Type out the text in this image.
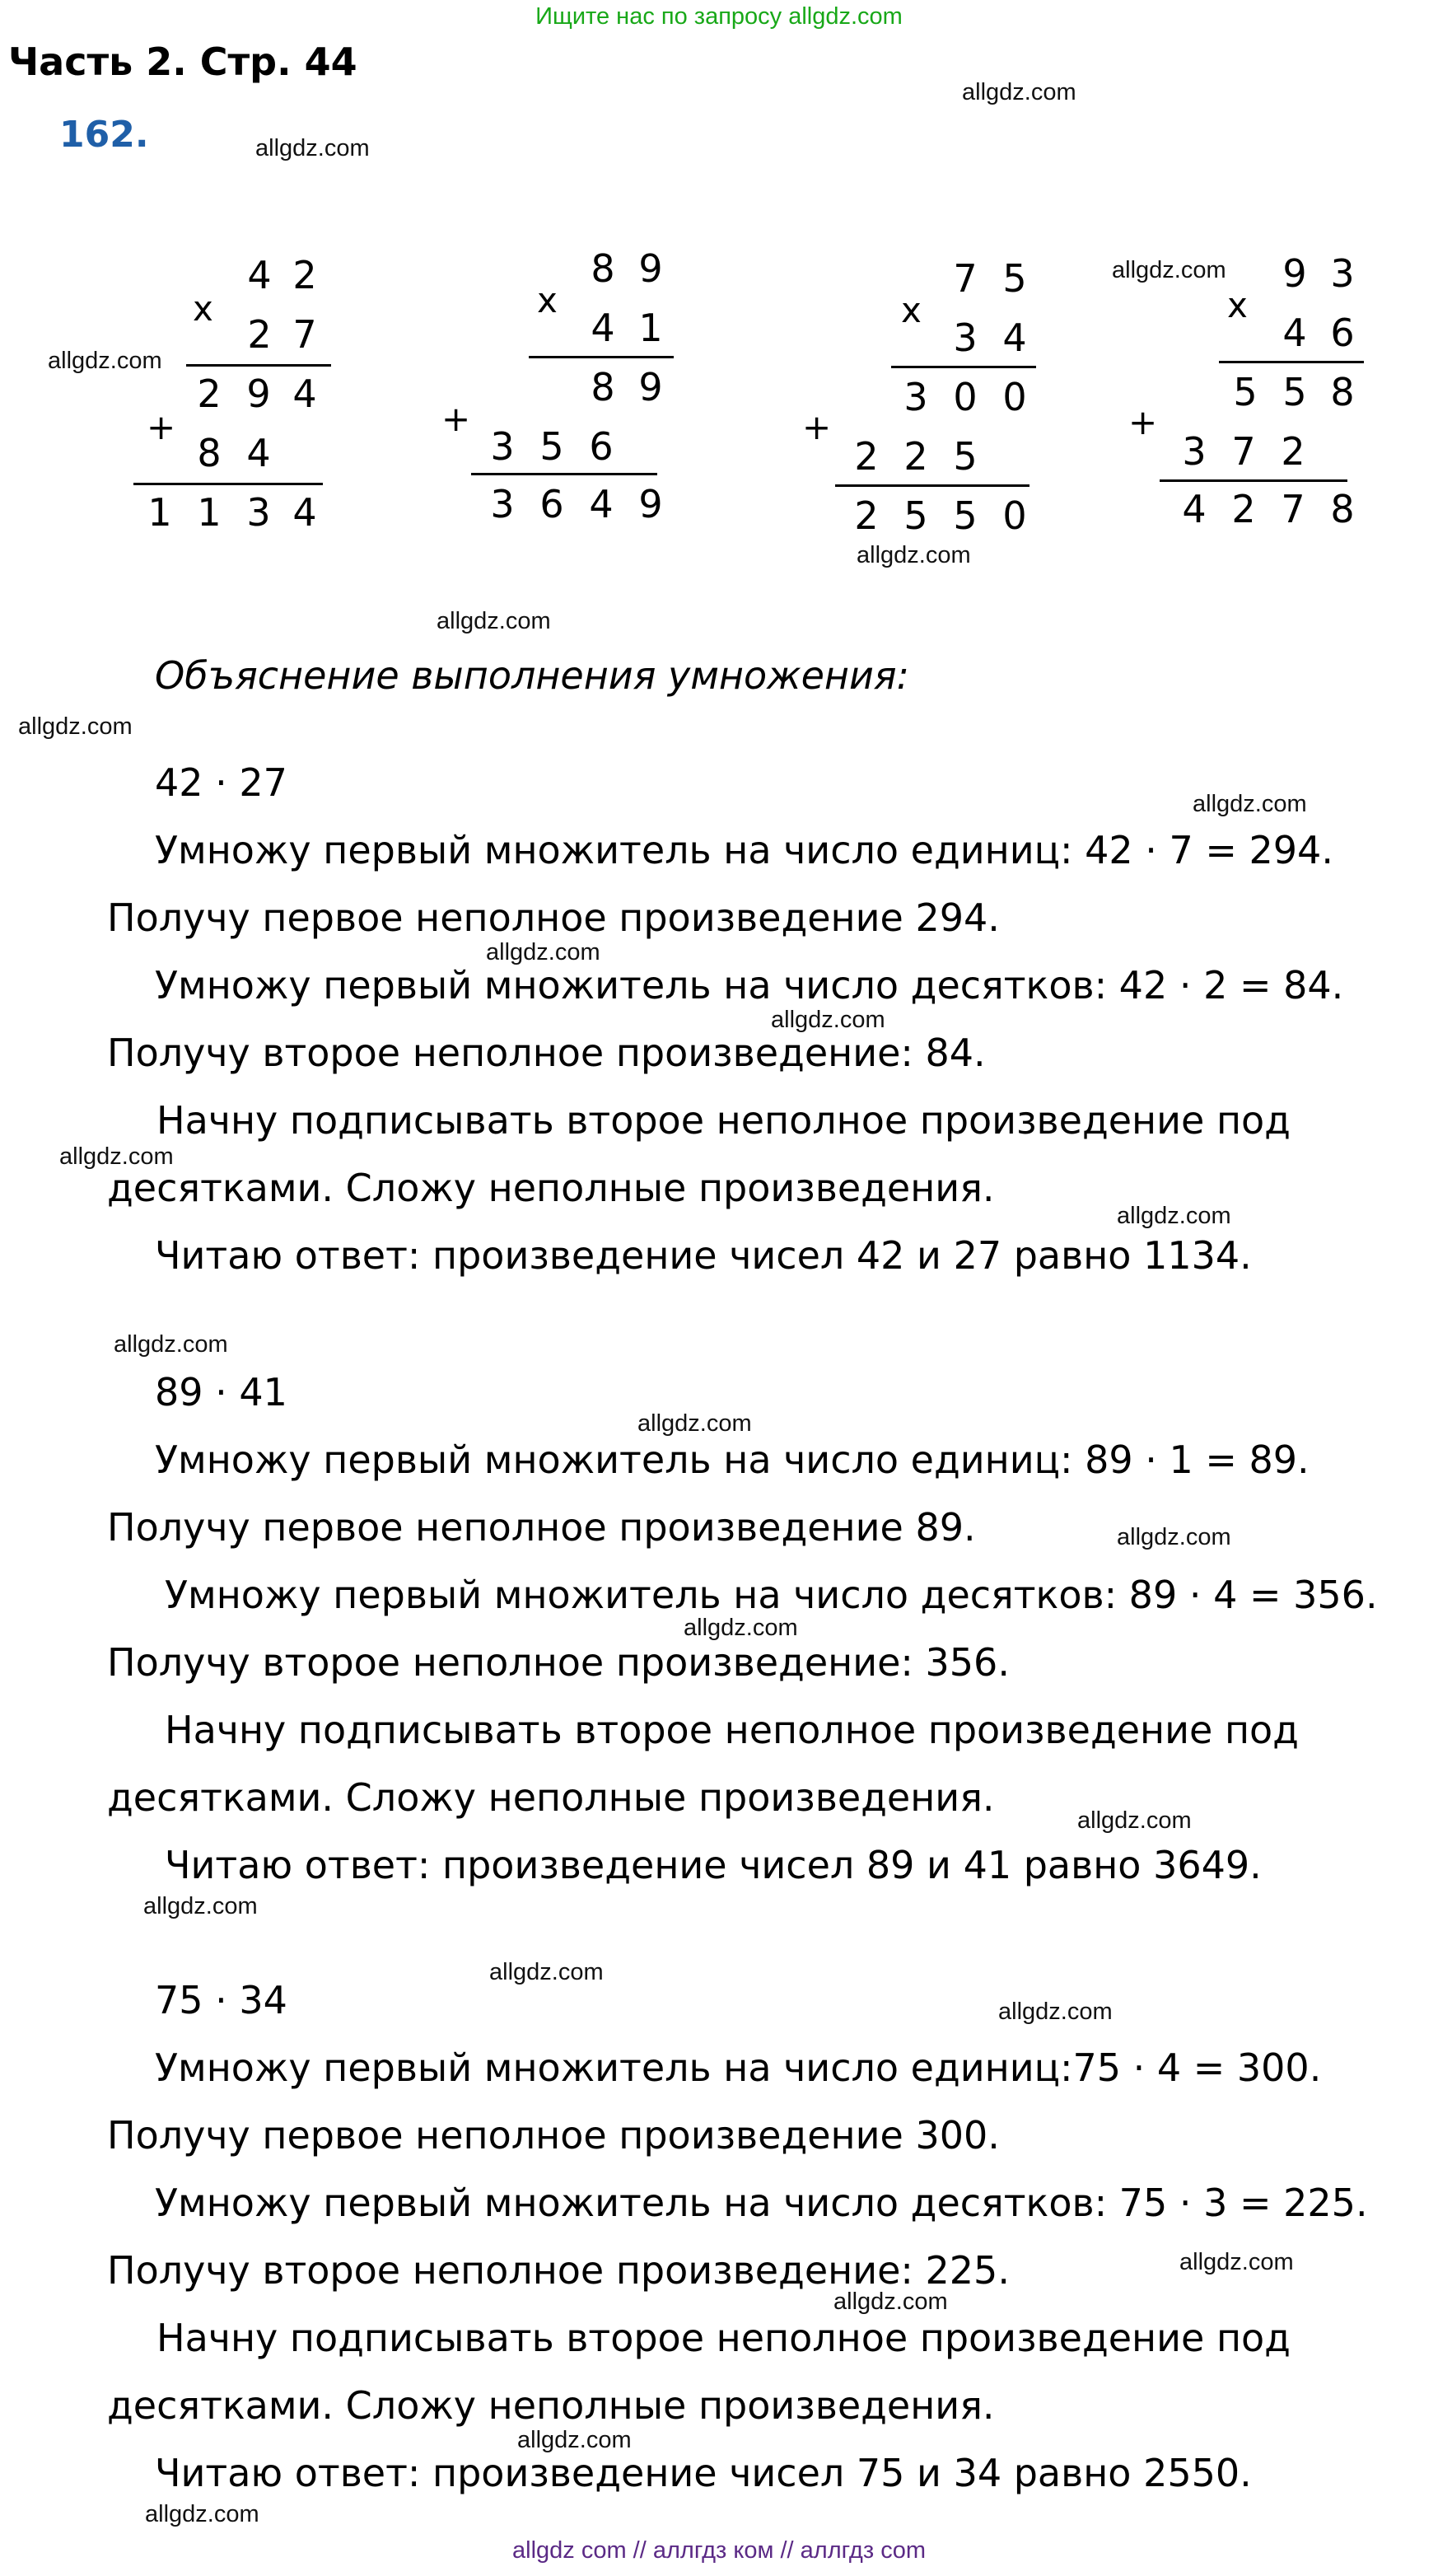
Ищите нас по запросу allgdz.com
Часть 2. Стр. 44
162.
x
4 2
2 7
+
2 9 4
8 4
1 1 3 4
x
8 9
4 1
+
8 9
3 5 6
3 6 4 9
x
7 5
3 4
+
3 0 0
2 2 5
2 5 5 0
x
9 3
4 6
+
5 5 8
3 7 2
4 2 7 8
Объяснение выполнения умножения:
42 · 27
Умножу первый множитель на число единиц: 42 · 7 = 294.
Получу первое неполное произведение 294.
Умножу первый множитель на число десятков: 42 · 2 = 84.
Получу второе неполное произведение: 84.
Начну подписывать второе неполное произведение под
десятками. Сложу неполные произведения.
Читаю ответ: произведение чисел 42 и 27 равно 1134.
89 · 41
Умножу первый множитель на число единиц: 89 · 1 = 89.
Получу первое неполное произведение 89.
Умножу первый множитель на число десятков: 89 · 4 = 356.
Получу второе неполное произведение: 356.
Начну подписывать второе неполное произведение под
десятками. Сложу неполные произведения.
Читаю ответ: произведение чисел 89 и 41 равно 3649.
75 · 34
Умножу первый множитель на число единиц:75 · 4 = 300.
Получу первое неполное произведение 300.
Умножу первый множитель на число десятков: 75 · 3 = 225.
Получу второе неполное произведение: 225.
Начну подписывать второе неполное произведение под
десятками. Сложу неполные произведения.
Читаю ответ: произведение чисел 75 и 34 равно 2550.
allgdz.com
allgdz.com
allgdz.com
allgdz.com
allgdz.com
allgdz.com
allgdz.com
allgdz.com
allgdz.com
allgdz.com
allgdz.com
allgdz.com
allgdz.com
allgdz.com
allgdz.com
allgdz.com
allgdz.com
allgdz.com
allgdz.com
allgdz.com
allgdz.com
allgdz.com
allgdz.com
allgdz.com
allgdz com // аллгдз ком // аллгдз com
